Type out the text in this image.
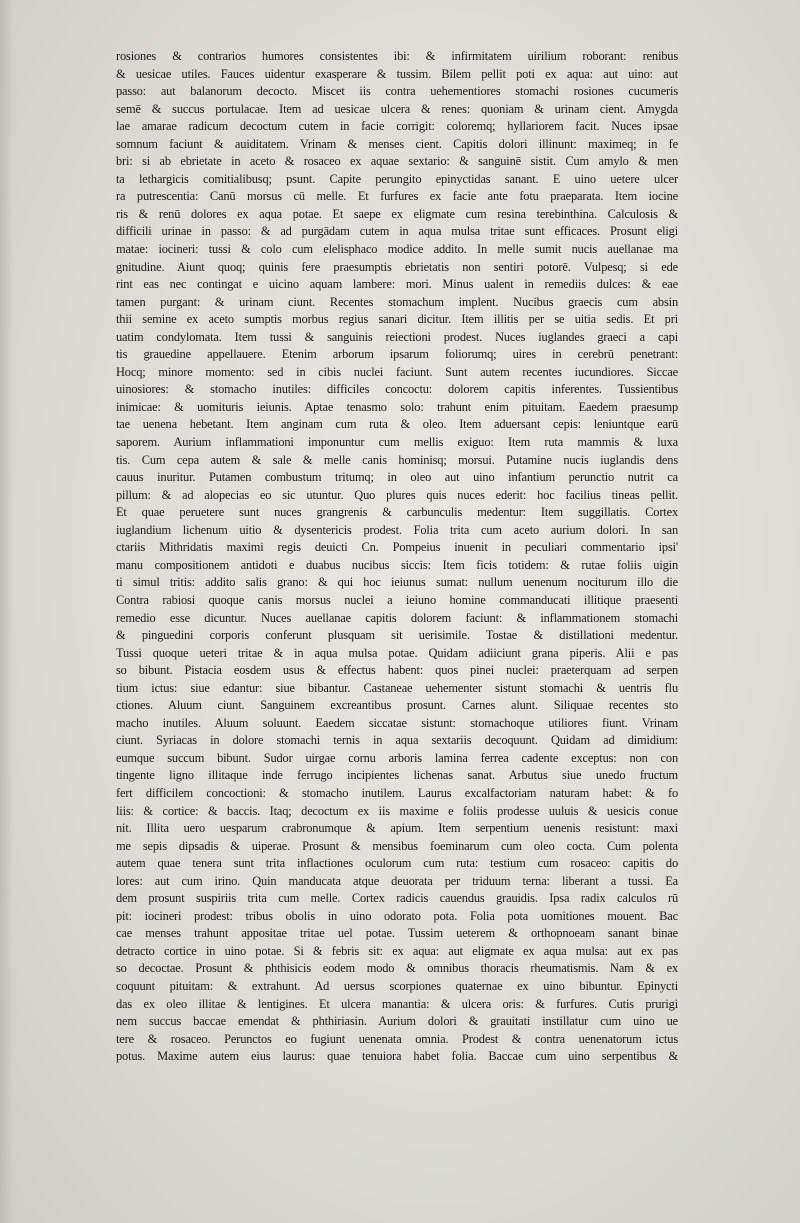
rosiones & contrarios humores consistentes ibi: & infirmitatem uirilium roborant: renibus
& uesicae utiles. Fauces uidentur exasperare & tussim. Bilem pellit poti ex aqua: aut uino: aut
passo: aut balanorum decocto. Miscet iis contra uehementiores stomachi rosiones cucumeris
semē & succus portulacae. Item ad uesicae ulcera & renes: quoniam & urinam cient. Amygda
lae amarae radicum decoctum cutem in facie corrigit: coloremq; hyllariorem facit. Nuces ipsae
somnum faciunt & auiditatem. Vrinam & menses cient. Capitis dolori illinunt: maximeq; in fe
bri: si ab ebrietate in aceto & rosaceo ex aquae sextario: & sanguinē sistit. Cum amylo & men
ta lethargicis comitialibusq; psunt. Capite perungito epinyctidas sanant. E uino uetere ulcer
ra putrescentia: Canū morsus cū melle. Et furfures ex facie ante fotu praeparata. Item iocine
ris & renū dolores ex aqua potae. Et saepe ex eligmate cum resina terebinthina. Calculosis &
difficili urinae in passo: & ad purgādam cutem in aqua mulsa tritae sunt efficaces. Prosunt eligi
matae: iocineri: tussi & colo cum elelisphaco modice addito. In melle sumit nucis auellanae ma
gnitudine. Aiunt quoq; quinis fere praesumptis ebrietatis non sentiri potorē. Vulpesq; si ede
rint eas nec contingat e uicino aquam lambere: mori. Minus ualent in remediis dulces: & eae
tamen purgant: & urinam ciunt. Recentes stomachum implent. Nucibus graecis cum absin
thii semine ex aceto sumptis morbus regius sanari dicitur. Item illitis per se uitia sedis. Et pri
uatim condylomata. Item tussi & sanguinis reiectioni prodest. Nuces iuglandes graeci a capi
tis grauedine appellauere. Etenim arborum ipsarum foliorumq; uires in cerebrū penetrant:
Hocq; minore momento: sed in cibis nuclei faciunt. Sunt autem recentes iucundiores. Siccae
uinosiores: & stomacho inutiles: difficiles concoctu: dolorem capitis inferentes. Tussientibus
inimicae: & uomituris ieiunis. Aptae tenasmo solo: trahunt enim pituitam. Eaedem praesump
tae uenena hebetant. Item anginam cum ruta & oleo. Item aduersant cepis: leniuntque earū
saporem. Aurium inflammationi imponuntur cum mellis exiguo: Item ruta mammis & luxa
tis. Cum cepa autem & sale & melle canis hominisq; morsui. Putamine nucis iuglandis dens
cauus inuritur. Putamen combustum tritumq; in oleo aut uino infantium perunctio nutrit ca
pillum: & ad alopecias eo sic utuntur. Quo plures quis nuces ederit: hoc facilius tineas pellit.
Et quae peruetere sunt nuces grangrenis & carbunculis medentur: Item suggillatis. Cortex
iuglandium lichenum uitio & dysentericis prodest. Folia trita cum aceto aurium dolori. In san
ctariis Mithridatis maximi regis deuicti Cn. Pompeius inuenit in peculiari commentario ipsi'
manu compositionem antidoti e duabus nucibus siccis: Item ficis totidem: & rutae foliis uigin
ti simul tritis: addito salis grano: & qui hoc ieiunus sumat: nullum uenenum nociturum illo die
Contra rabiosi quoque canis morsus nuclei a ieiuno homine commanducati illitique praesenti
remedio esse dicuntur. Nuces auellanae capitis dolorem faciunt: & inflammationem stomachi
& pinguedini corporis conferunt plusquam sit uerisimile. Tostae & distillationi medentur.
Tussi quoque ueteri tritae & in aqua mulsa potae. Quidam adiiciunt grana piperis. Alii e pas
so bibunt. Pistacia eosdem usus & effectus habent: quos pinei nuclei: praeterquam ad serpen
tium ictus: siue edantur: siue bibantur. Castaneae uehementer sistunt stomachi & uentris flu
ctiones. Aluum ciunt. Sanguinem excreantibus prosunt. Carnes alunt. Siliquae recentes sto
macho inutiles. Aluum soluunt. Eaedem siccatae sistunt: stomachoque utiliores fiunt. Vrinam
ciunt. Syriacas in dolore stomachi ternis in aqua sextariis decoquunt. Quidam ad dimidium:
eumque succum bibunt. Sudor uirgae cornu arboris lamina ferrea cadente exceptus: non con
tingente ligno illitaque inde ferrugo incipientes lichenas sanat. Arbutus siue unedo fructum
fert difficilem concoctioni: & stomacho inutilem. Laurus excalfactoriam naturam habet: & fo
liis: & cortice: & baccis. Itaq; decoctum ex iis maxime e foliis prodesse uuluis & uesicis conue
nit. Illita uero uesparum crabronumque & apium. Item serpentium uenenis resistunt: maxi
me sepis dipsadis & uiperae. Prosunt & mensibus foeminarum cum oleo cocta. Cum polenta
autem quae tenera sunt trita inflactiones oculorum cum ruta: testium cum rosaceo: capitis do
lores: aut cum irino. Quin manducata atque deuorata per triduum terna: liberant a tussi. Ea
dem prosunt suspiriis trita cum melle. Cortex radicis cauendus grauidis. Ipsa radix calculos rū
pit: iocineri prodest: tribus obolis in uino odorato pota. Folia pota uomitiones mouent. Bac
cae menses trahunt appositae tritae uel potae. Tussim ueterem & orthopnoeam sanant binae
detracto cortice in uino potae. Si & febris sit: ex aqua: aut eligmate ex aqua mulsa: aut ex pas
so decoctae. Prosunt & phthisicis eodem modo & omnibus thoracis rheumatismis. Nam & ex
coquunt pituitam: & extrahunt. Ad uersus scorpiones quaternae ex uino bibuntur. Epinycti
das ex oleo illitae & lentigines. Et ulcera manantia: & ulcera oris: & furfures. Cutis prurigi
nem succus baccae emendat & phthiriasin. Aurium dolori & grauitati instillatur cum uino ue
tere & rosaceo. Perunctos eo fugiunt uenenata omnia. Prodest & contra uenenatorum ictus
potus. Maxime autem eius laurus: quae tenuiora habet folia. Baccae cum uino serpentibus &
